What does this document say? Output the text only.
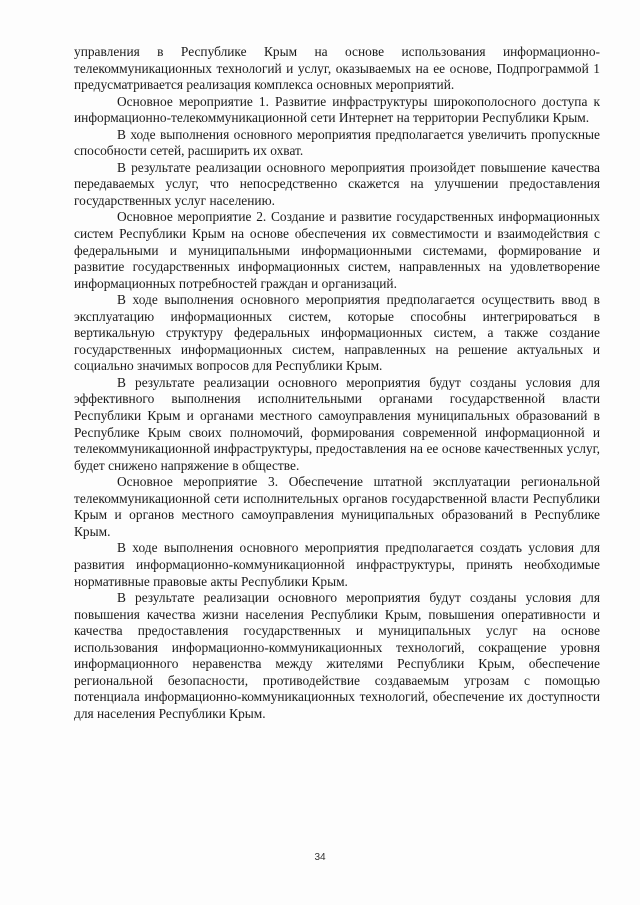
управления в Республике Крым на основе использования информационно-телекоммуникационных технологий и услуг, оказываемых на ее основе, Подпрограммой 1 предусматривается реализация комплекса основных мероприятий.

Основное мероприятие 1. Развитие инфраструктуры широкополосного доступа к информационно-телекоммуникационной сети Интернет на территории Республики Крым.

В ходе выполнения основного мероприятия предполагается увеличить пропускные способности сетей, расширить их охват.

В результате реализации основного мероприятия произойдет повышение качества передаваемых услуг, что непосредственно скажется на улучшении предоставления государственных услуг населению.

Основное мероприятие 2. Создание и развитие государственных информационных систем Республики Крым на основе обеспечения их совместимости и взаимодействия с федеральными и муниципальными информационными системами, формирование и развитие государственных информационных систем, направленных на удовлетворение информационных потребностей граждан и организаций.

В ходе выполнения основного мероприятия предполагается осуществить ввод в эксплуатацию информационных систем, которые способны интегрироваться в вертикальную структуру федеральных информационных систем, а также создание государственных информационных систем, направленных на решение актуальных и социально значимых вопросов для Республики Крым.

В результате реализации основного мероприятия будут созданы условия для эффективного выполнения исполнительными органами государственной власти Республики Крым и органами местного самоуправления муниципальных образований в Республике Крым своих полномочий, формирования современной информационной и телекоммуникационной инфраструктуры, предоставления на ее основе качественных услуг, будет снижено напряжение в обществе.

Основное мероприятие 3. Обеспечение штатной эксплуатации региональной телекоммуникационной сети исполнительных органов государственной власти Республики Крым и органов местного самоуправления муниципальных образований в Республике Крым.

В ходе выполнения основного мероприятия предполагается создать условия для развития информационно-коммуникационной инфраструктуры, принять необходимые нормативные правовые акты Республики Крым.

В результате реализации основного мероприятия будут созданы условия для повышения качества жизни населения Республики Крым, повышения оперативности и качества предоставления государственных и муниципальных услуг на основе использования информационно-коммуникационных технологий, сокращение уровня информационного неравенства между жителями Республики Крым, обеспечение региональной безопасности, противодействие создаваемым угрозам с помощью потенциала информационно-коммуникационных технологий, обеспечение их доступности для населения Республики Крым.

34
